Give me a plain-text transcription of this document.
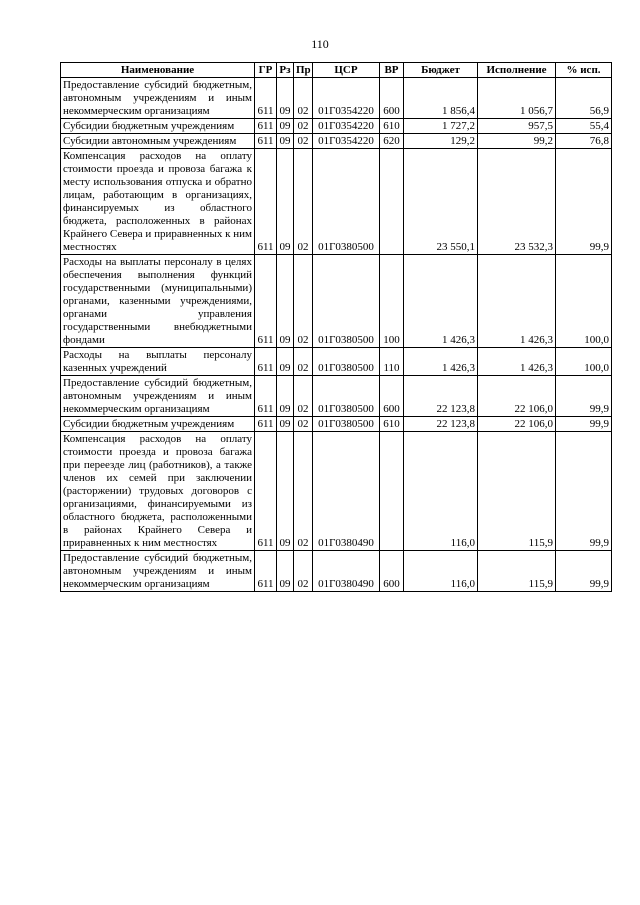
110
Наименование	ГР	Рз	Пр	ЦСР	ВР	Бюджет	Исполнение	% исп.
Предоставление субсидий бюджетным, автономным учреждениям и иным некоммерческим организациям	611	09	02	01Г0354220	600	1 856,4	1 056,7	56,9
Субсидии бюджетным учреждениям	611	09	02	01Г0354220	610	1 727,2	957,5	55,4
Субсидии автономным учреждениям	611	09	02	01Г0354220	620	129,2	99,2	76,8
Компенсация расходов на оплату стоимости проезда и провоза багажа к месту использования отпуска и обратно лицам, работающим в организациях, финансируемых из областного бюджета, расположенных в районах Крайнего Севера и приравненных к ним местностях	611	09	02	01Г0380500		23 550,1	23 532,3	99,9
Расходы на выплаты персоналу в целях обеспечения выполнения функций государственными (муниципальными) органами, казенными учреждениями, органами управления государственными внебюджетными фондами	611	09	02	01Г0380500	100	1 426,3	1 426,3	100,0
Расходы на выплаты персоналу казенных учреждений	611	09	02	01Г0380500	110	1 426,3	1 426,3	100,0
Предоставление субсидий бюджетным, автономным учреждениям и иным некоммерческим организациям	611	09	02	01Г0380500	600	22 123,8	22 106,0	99,9
Субсидии бюджетным учреждениям	611	09	02	01Г0380500	610	22 123,8	22 106,0	99,9
Компенсация расходов на оплату стоимости проезда и провоза багажа при переезде лиц (работников), а также членов их семей при заключении (расторжении) трудовых договоров с организациями, финансируемыми из областного бюджета, расположенными в районах Крайнего Севера и приравненных к ним местностях	611	09	02	01Г0380490		116,0	115,9	99,9
Предоставление субсидий бюджетным, автономным учреждениям и иным некоммерческим организациям	611	09	02	01Г0380490	600	116,0	115,9	99,9
